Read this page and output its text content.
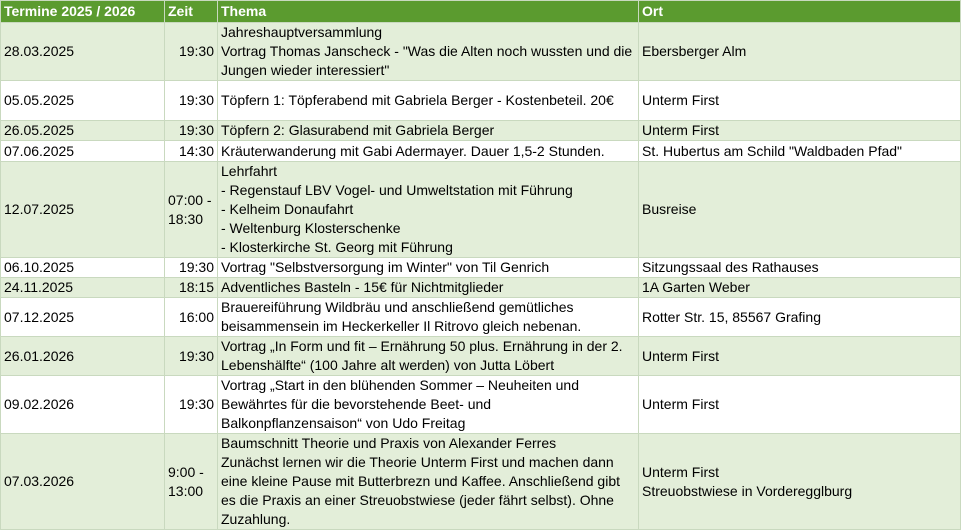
Termine 2025 / 2026	Zeit	Thema	Ort
28.03.2025	19:30	Jahreshauptversammlung
Vortrag Thomas Janscheck - "Was die Alten noch wussten und die Jungen wieder interessiert"	Ebersberger Alm
05.05.2025	19:30	Töpfern 1: Töpferabend mit Gabriela Berger - Kostenbeteil. 20€	Unterm First
26.05.2025	19:30	Töpfern 2: Glasurabend mit Gabriela Berger	Unterm First
07.06.2025	14:30	Kräuterwanderung mit Gabi Adermayer. Dauer 1,5-2 Stunden.	St. Hubertus am Schild "Waldbaden Pfad"
12.07.2025	07:00 - 18:30	Lehrfahrt
- Regenstauf LBV Vogel- und Umweltstation mit Führung
- Kelheim Donaufahrt
- Weltenburg Klosterschenke
- Klosterkirche St. Georg mit Führung	Busreise
06.10.2025	19:30	Vortrag "Selbstversorgung im Winter" von Til Genrich	Sitzungssaal des Rathauses
24.11.2025	18:15	Adventliches Basteln - 15€ für Nichtmitglieder	1A Garten Weber
07.12.2025	16:00	Brauereiführung Wildbräu und anschließend gemütliches beisammensein im Heckerkeller Il Ritrovo gleich nebenan.	Rotter Str. 15, 85567 Grafing
26.01.2026	19:30	Vortrag „In Form und fit – Ernährung 50 plus. Ernährung in der 2. Lebenshälfte“ (100 Jahre alt werden) von Jutta Löbert	Unterm First
09.02.2026	19:30	Vortrag „Start in den blühenden Sommer – Neuheiten und Bewährtes für die bevorstehende Beet- und Balkonpflanzensaison“ von Udo Freitag	Unterm First
07.03.2026	9:00 - 13:00	Baumschnitt Theorie und Praxis von Alexander Ferres
Zunächst lernen wir die Theorie Unterm First und machen dann eine kleine Pause mit Butterbrezn und Kaffee. Anschließend gibt es die Praxis an einer Streuobstwiese (jeder fährt selbst). Ohne Zuzahlung.	Unterm First
Streuobstwiese in Vorderegglburg
